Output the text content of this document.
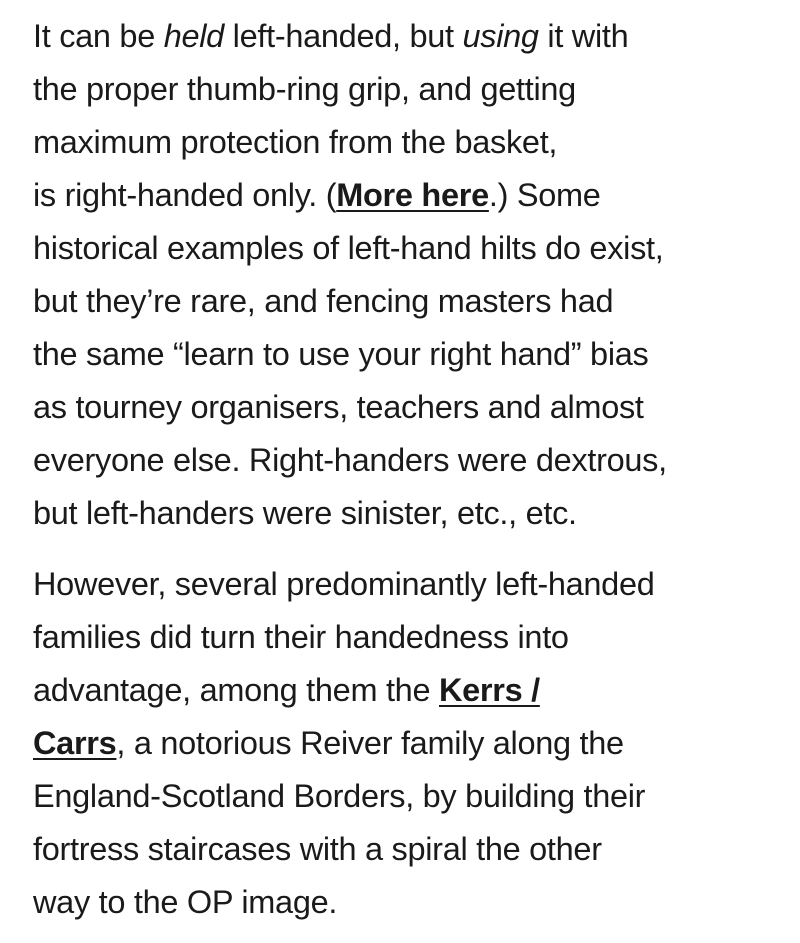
It can be held left-handed, but using it with
the proper thumb-ring grip, and getting
maximum protection from the basket,
is right-handed only. (More here.) Some
historical examples of left-hand hilts do exist,
but they’re rare, and fencing masters had
the same “learn to use your right hand” bias
as tourney organisers, teachers and almost
everyone else. Right-handers were dextrous,
but left-handers were sinister, etc., etc.

However, several predominantly left-handed
families did turn their handedness into
advantage, among them the Kerrs /
Carrs, a notorious Reiver family along the
England-Scotland Borders, by building their
fortress staircases with a spiral the other
way to the OP image.
